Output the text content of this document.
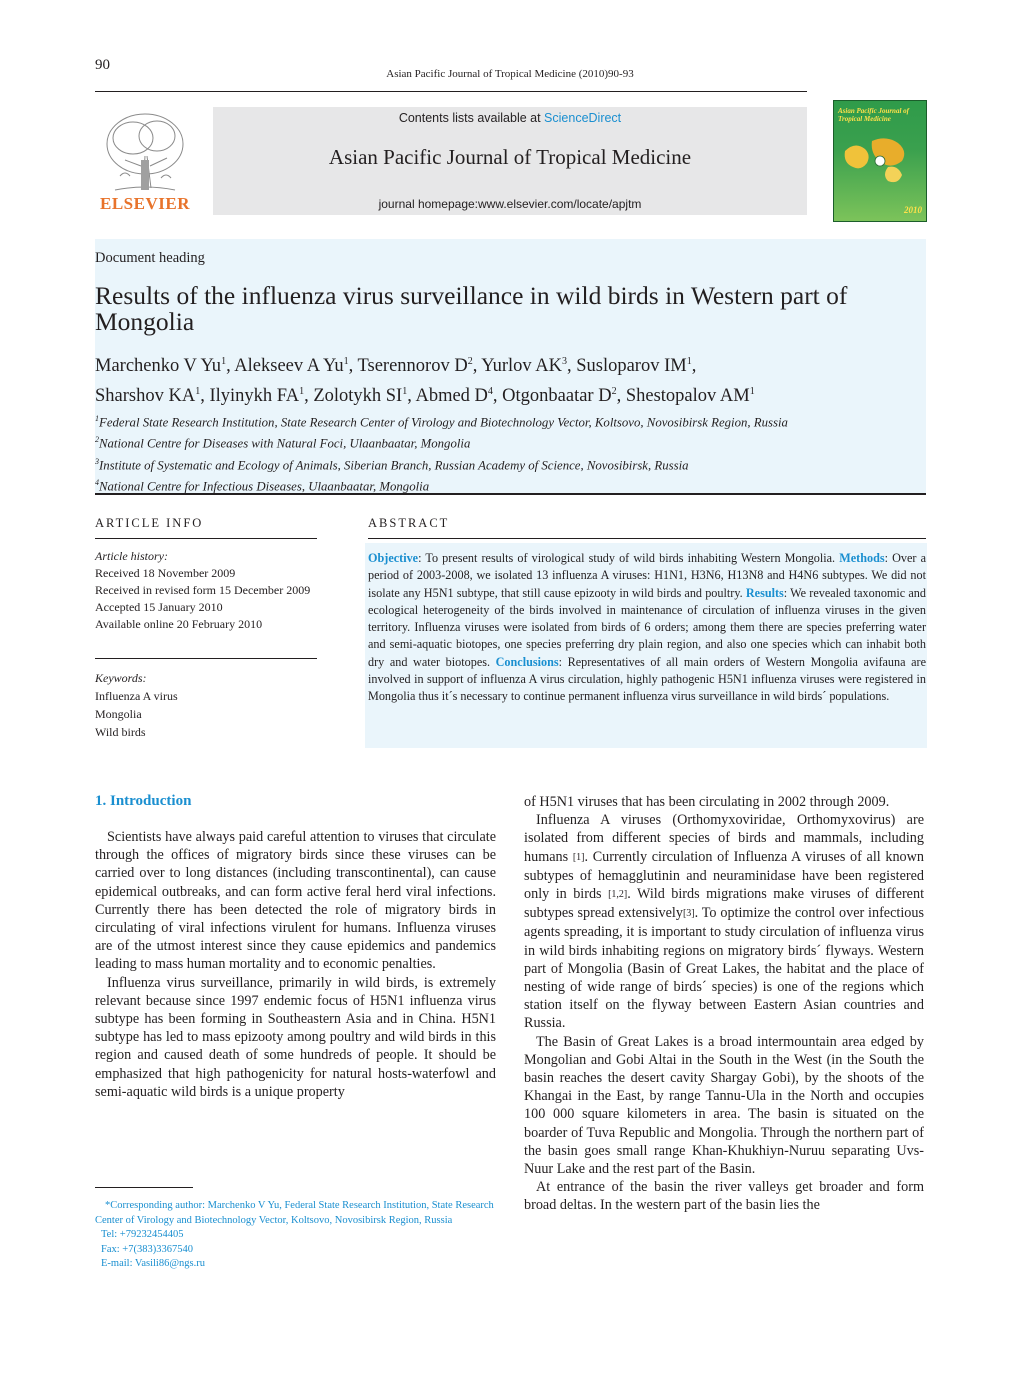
90
Asian Pacific Journal of Tropical Medicine (2010)90-93
ELSEVIER
Contents lists available at ScienceDirect
Asian Pacific Journal of Tropical Medicine
journal homepage:www.elsevier.com/locate/apjtm
Asian Pacific Journal of Tropical Medicine
2010
Document heading
Results of the influenza virus surveillance in wild birds in Western part of Mongolia
Marchenko V Yu$^1$, Alekseev A Yu$^1$, Tserennorov $D^2$, Yurlov $AK^3$, Susloparov $IM^1$,
Sharshov $KA^1$, Ilyinykh $FA^1$, Zolotykh $SI^1$, Abmed $D^4$, Otgonbaatar $D^2$, Shestopalov $AM^1$
$^1$Federal State Research Institution, State Research Center of Virology and Biotechnology Vector, Koltsovo, Novosibirsk Region, Russia
$^2$National Centre for Diseases with Natural Foci, Ulaanbaatar, Mongolia
$^3$Institute of Systematic and Ecology of Animals, Siberian Branch, Russian Academy of Science, Novosibirsk, Russia
$^4$National Centre for Infectious Diseases, Ulaanbaatar, Mongolia
ARTICLE INFO	ABSTRACT
Article history:
Received 18 November 2009
Received in revised form 15 December 2009
Accepted 15 January 2010
Available online 20 February 2010
Keywords:
Influenza A virus
Mongolia
Wild birds
Objective: To present results of virological study of wild birds inhabiting Western Mongolia. Methods: Over a period of 2003-2008, we isolated 13 influenza A viruses: H1N1, H3N6, H13N8 and H4N6 subtypes. We did not isolate any H5N1 subtype, that still cause epizooty in wild birds and poultry. Results: We revealed taxonomic and ecological heterogeneity of the birds involved in maintenance of circulation of influenza viruses in the given territory. Influenza viruses were isolated from birds of 6 orders; among them there are species preferring water and semi-aquatic biotopes, one species preferring dry plain region, and also one species which can inhabit both dry and water biotopes. Conclusions: Representatives of all main orders of Western Mongolia avifauna are involved in support of influenza A virus circulation, highly pathogenic H5N1 influenza viruses were registered in Mongolia thus it´s necessary to continue permanent influenza virus surveillance in wild birds´ populations.
1. Introduction

Scientists have always paid careful attention to viruses that circulate through the offices of migratory birds since these viruses can be carried over to long distances (including transcontinental), can cause epidemical outbreaks, and can form active feral herd viral infections. Currently there has been detected the role of migratory birds in circulating of viral infections virulent for humans. Influenza viruses are of the utmost interest since they cause epidemics and pandemics leading to mass human mortality and to economic penalties.

Influenza virus surveillance, primarily in wild birds, is extremely relevant because since 1997 endemic focus of H5N1 influenza virus subtype has been forming in Southeastern Asia and in China. H5N1 subtype has led to mass epizooty among poultry and wild birds in this region and caused death of some hundreds of people. It should be emphasized that high pathogenicity for natural hosts-waterfowl and semi-aquatic wild birds is a unique property

of H5N1 viruses that has been circulating in 2002 through 2009.

Influenza A viruses (Orthomyxoviridae, Orthomyxovirus) are isolated from different species of birds and mammals, including humans [1]. Currently circulation of Influenza A viruses of all known subtypes of hemagglutinin and neuraminidase have been registered only in birds [1,2]. Wild birds migrations make viruses of different subtypes spread extensively[3]. To optimize the control over infectious agents spreading, it is important to study circulation of influenza virus in wild birds inhabiting regions on migratory birds´ flyways. Western part of Mongolia (Basin of Great Lakes, the habitat and the place of nesting of wide range of birds´ species) is one of the regions which station itself on the flyway between Eastern Asian countries and Russia.

The Basin of Great Lakes is a broad intermountain area edged by Mongolian and Gobi Altai in the South in the West (in the South the basin reaches the desert cavity Shargay Gobi), by the shoots of the Khangai in the East, by range Tannu-Ula in the North and occupies 100 000 square kilometers in area. The basin is situated on the boarder of Tuva Republic and Mongolia. Through the northern part of the basin goes small range Khan-Khukhiyn-Nuruu separating Uvs-Nuur Lake and the rest part of the Basin.

At entrance of the basin the river valleys get broader and form broad deltas. In the western part of the basin lies the

*Corresponding author: Marchenko V Yu, Federal State Research Institution, State Research Center of Virology and Biotechnology Vector, Koltsovo, Novosibirsk Region, Russia
Tel: +79232454405
Fax: +7(383)3367540
E-mail: Vasili86@ngs.ru
